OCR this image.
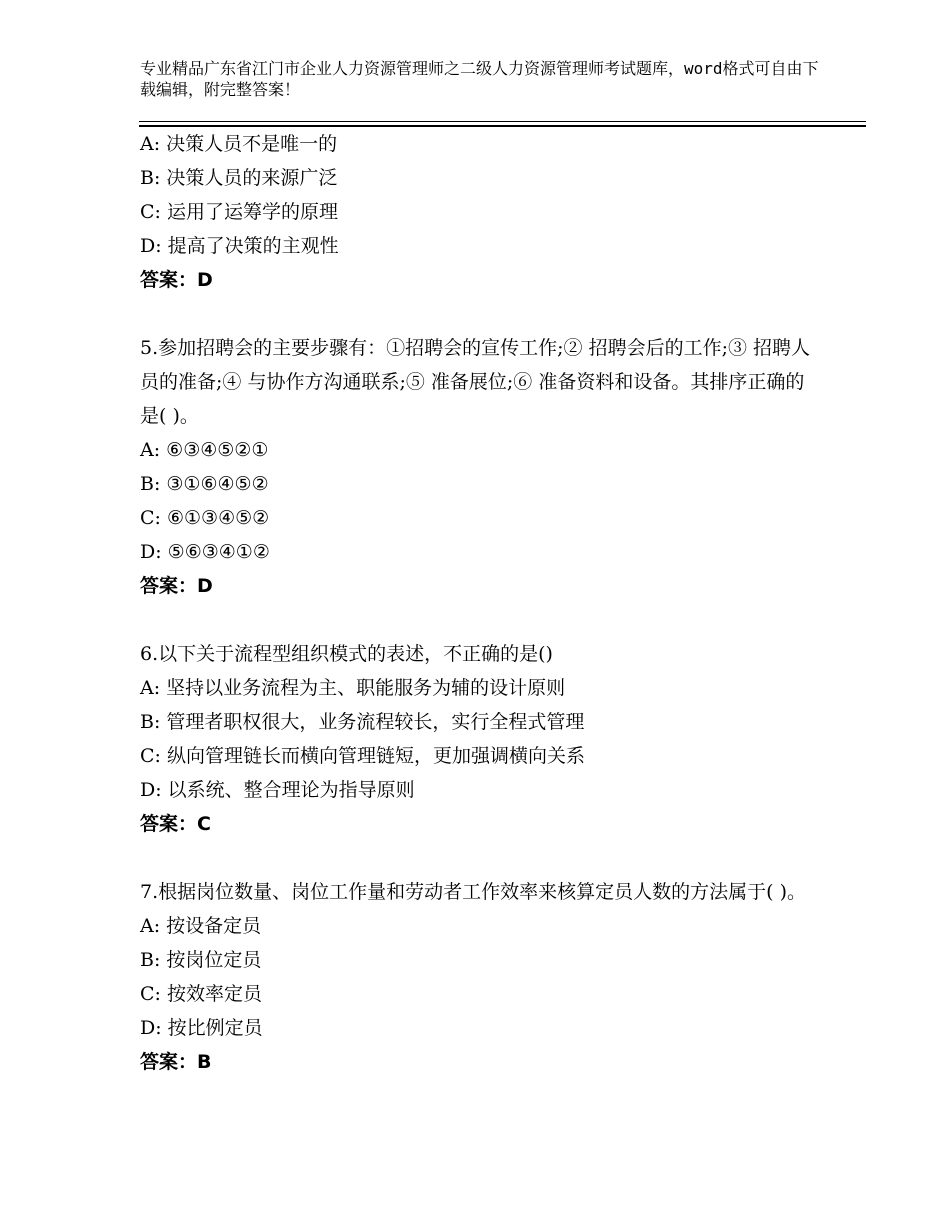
专业精品广东省江门市企业人力资源管理师之二级人力资源管理师考试题库，word格式可自由下载编辑，附完整答案！
A: 决策人员不是唯一的
B: 决策人员的来源广泛
C: 运用了运筹学的原理
D: 提高了决策的主观性
答案：D
5.参加招聘会的主要步骤有：①招聘会的宣传工作;② 招聘会后的工作;③ 招聘人员的准备;④ 与协作方沟通联系;⑤ 准备展位;⑥ 准备资料和设备。其排序正确的是( )。
A: ⑥③④⑤②①
B: ③①⑥④⑤②
C: ⑥①③④⑤②
D: ⑤⑥③④①②
答案：D
6.以下关于流程型组织模式的表述，不正确的是()
A: 坚持以业务流程为主、职能服务为辅的设计原则
B: 管理者职权很大，业务流程较长，实行全程式管理
C: 纵向管理链长而横向管理链短，更加强调横向关系
D: 以系统、整合理论为指导原则
答案：C
7.根据岗位数量、岗位工作量和劳动者工作效率来核算定员人数的方法属于( )。
A: 按设备定员
B: 按岗位定员
C: 按效率定员
D: 按比例定员
答案：B
